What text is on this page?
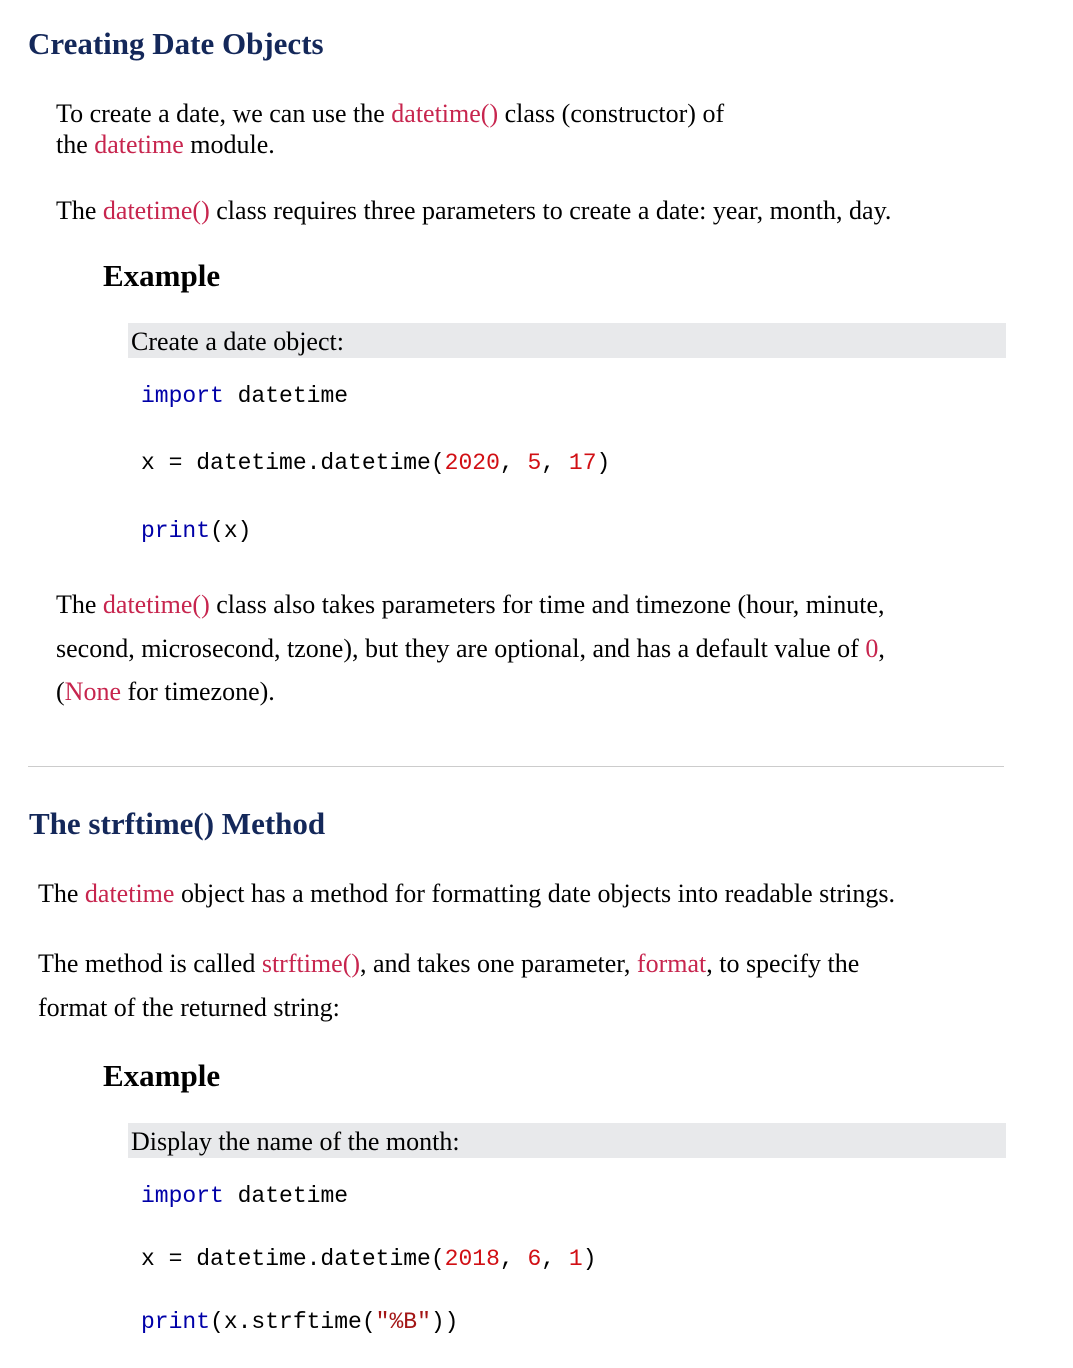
Creating Date Objects
To create a date, we can use the datetime() class (constructor) of
the datetime module.
The datetime() class requires three parameters to create a date: year, month, day.
Example
Create a date object:
import datetime
x = datetime.datetime(2020, 5, 17)
print(x)
The datetime() class also takes parameters for time and timezone (hour, minute,
second, microsecond, tzone), but they are optional, and has a default value of 0,
(None for timezone).
The strftime() Method
The datetime object has a method for formatting date objects into readable strings.
The method is called strftime(), and takes one parameter, format, to specify the
format of the returned string:
Example
Display the name of the month:
import datetime
x = datetime.datetime(2018, 6, 1)
print(x.strftime("%B"))
